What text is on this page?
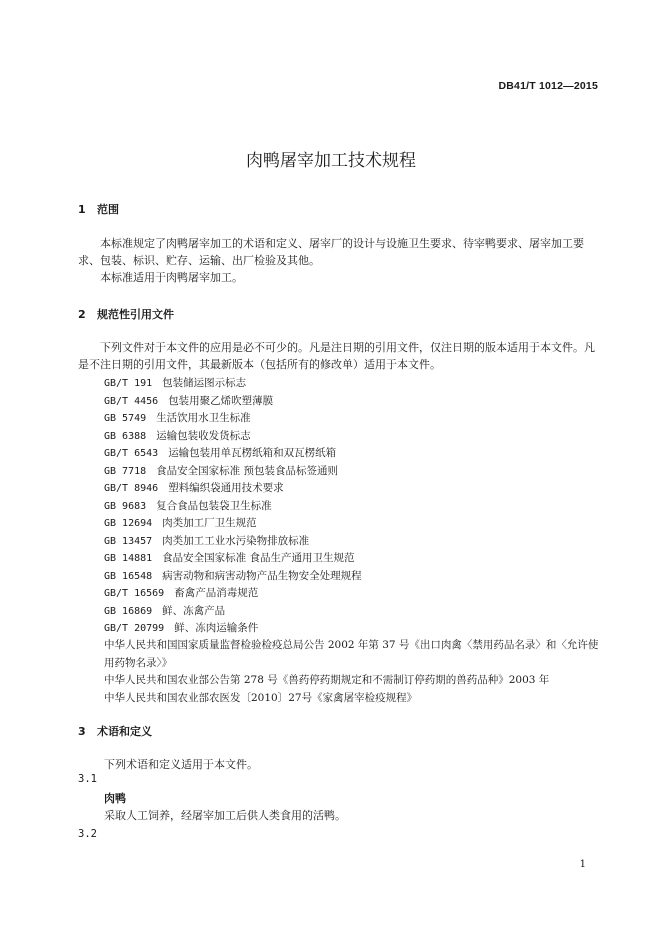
DB41/T 1012—2015
肉鸭屠宰加工技术规程
1 范围
本标准规定了肉鸭屠宰加工的术语和定义、屠宰厂的设计与设施卫生要求、待宰鸭要求、屠宰加工要求、包装、标识、贮存、运输、出厂检验及其他。
本标准适用于肉鸭屠宰加工。
2 规范性引用文件
下列文件对于本文件的应用是必不可少的。凡是注日期的引用文件，仅注日期的版本适用于本文件。凡是不注日期的引用文件，其最新版本（包括所有的修改单）适用于本文件。
GB/T 191 包装储运图示标志
GB/T 4456 包装用聚乙烯吹塑薄膜
GB 5749 生活饮用水卫生标准
GB 6388 运输包装收发货标志
GB/T 6543 运输包装用单瓦楞纸箱和双瓦楞纸箱
GB 7718 食品安全国家标准 预包装食品标签通则
GB/T 8946 塑料编织袋通用技术要求
GB 9683 复合食品包装袋卫生标准
GB 12694 肉类加工厂卫生规范
GB 13457 肉类加工工业水污染物排放标准
GB 14881 食品安全国家标准 食品生产通用卫生规范
GB 16548 病害动物和病害动物产品生物安全处理规程
GB/T 16569 畜禽产品消毒规范
GB 16869 鲜、冻禽产品
GB/T 20799 鲜、冻肉运输条件
中华人民共和国国家质量监督检验检疫总局公告 2002 年第 37 号《出口肉禽〈禁用药品名录〉和〈允许使用药物名录〉》
中华人民共和国农业部公告第 278 号《兽药停药期规定和不需制订停药期的兽药品种》2003 年
中华人民共和国农业部农医发〔2010〕27号《家禽屠宰检疫规程》
3 术语和定义
下列术语和定义适用于本文件。
3.1
肉鸭
采取人工饲养，经屠宰加工后供人类食用的活鸭。
3.2
1
